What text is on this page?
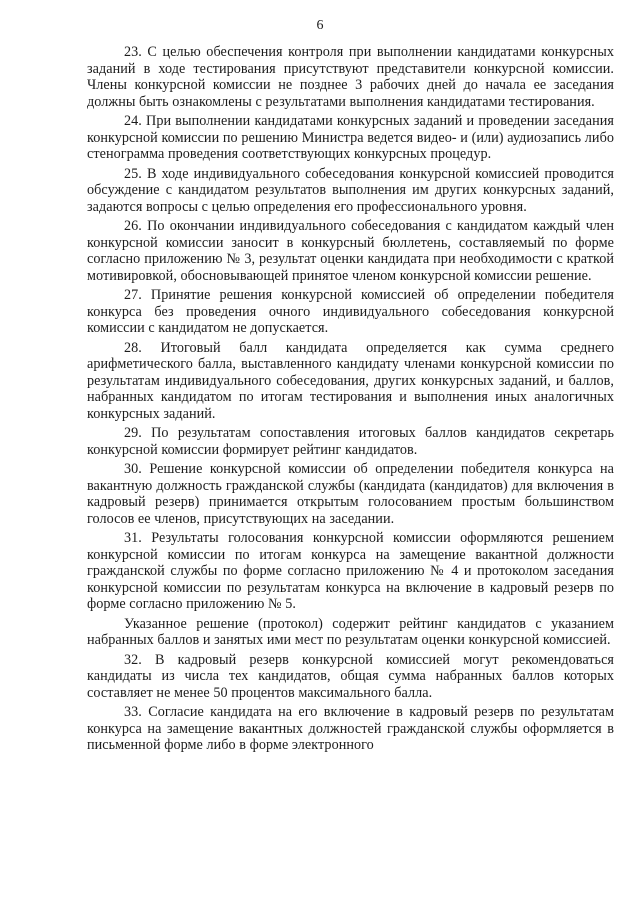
6

23. С целью обеспечения контроля при выполнении кандидатами конкурсных заданий в ходе тестирования присутствуют представители конкурсной комиссии. Члены конкурсной комиссии не позднее 3 рабочих дней до начала ее заседания должны быть ознакомлены с результатами выполнения кандидатами тестирования.

24. При выполнении кандидатами конкурсных заданий и проведении заседания конкурсной комиссии по решению Министра ведется видео- и (или) аудиозапись либо стенограмма проведения соответствующих конкурсных процедур.

25. В ходе индивидуального собеседования конкурсной комиссией проводится обсуждение с кандидатом результатов выполнения им других конкурсных заданий, задаются вопросы с целью определения его профессионального уровня.

26. По окончании индивидуального собеседования с кандидатом каждый член конкурсной комиссии заносит в конкурсный бюллетень, составляемый по форме согласно приложению № 3, результат оценки кандидата при необходимости с краткой мотивировкой, обосновывающей принятое членом конкурсной комиссии решение.

27. Принятие решения конкурсной комиссией об определении победителя конкурса без проведения очного индивидуального собеседования конкурсной комиссии с кандидатом не допускается.

28. Итоговый балл кандидата определяется как сумма среднего арифметического балла, выставленного кандидату членами конкурсной комиссии по результатам индивидуального собеседования, других конкурсных заданий, и баллов, набранных кандидатом по итогам тестирования и выполнения иных аналогичных конкурсных заданий.

29. По результатам сопоставления итоговых баллов кандидатов секретарь конкурсной комиссии формирует рейтинг кандидатов.

30. Решение конкурсной комиссии об определении победителя конкурса на вакантную должность гражданской службы (кандидата (кандидатов) для включения в кадровый резерв) принимается открытым голосованием простым большинством голосов ее членов, присутствующих на заседании.

31. Результаты голосования конкурсной комиссии оформляются решением конкурсной комиссии по итогам конкурса на замещение вакантной должности гражданской службы по форме согласно приложению № 4 и протоколом заседания конкурсной комиссии по результатам конкурса на включение в кадровый резерв по форме согласно приложению № 5.

Указанное решение (протокол) содержит рейтинг кандидатов с указанием набранных баллов и занятых ими мест по результатам оценки конкурсной комиссией.

32. В кадровый резерв конкурсной комиссией могут рекомендоваться кандидаты из числа тех кандидатов, общая сумма набранных баллов которых составляет не менее 50 процентов максимального балла.

33. Согласие кандидата на его включение в кадровый резерв по результатам конкурса на замещение вакантных должностей гражданской службы оформляется в письменной форме либо в форме электронного
